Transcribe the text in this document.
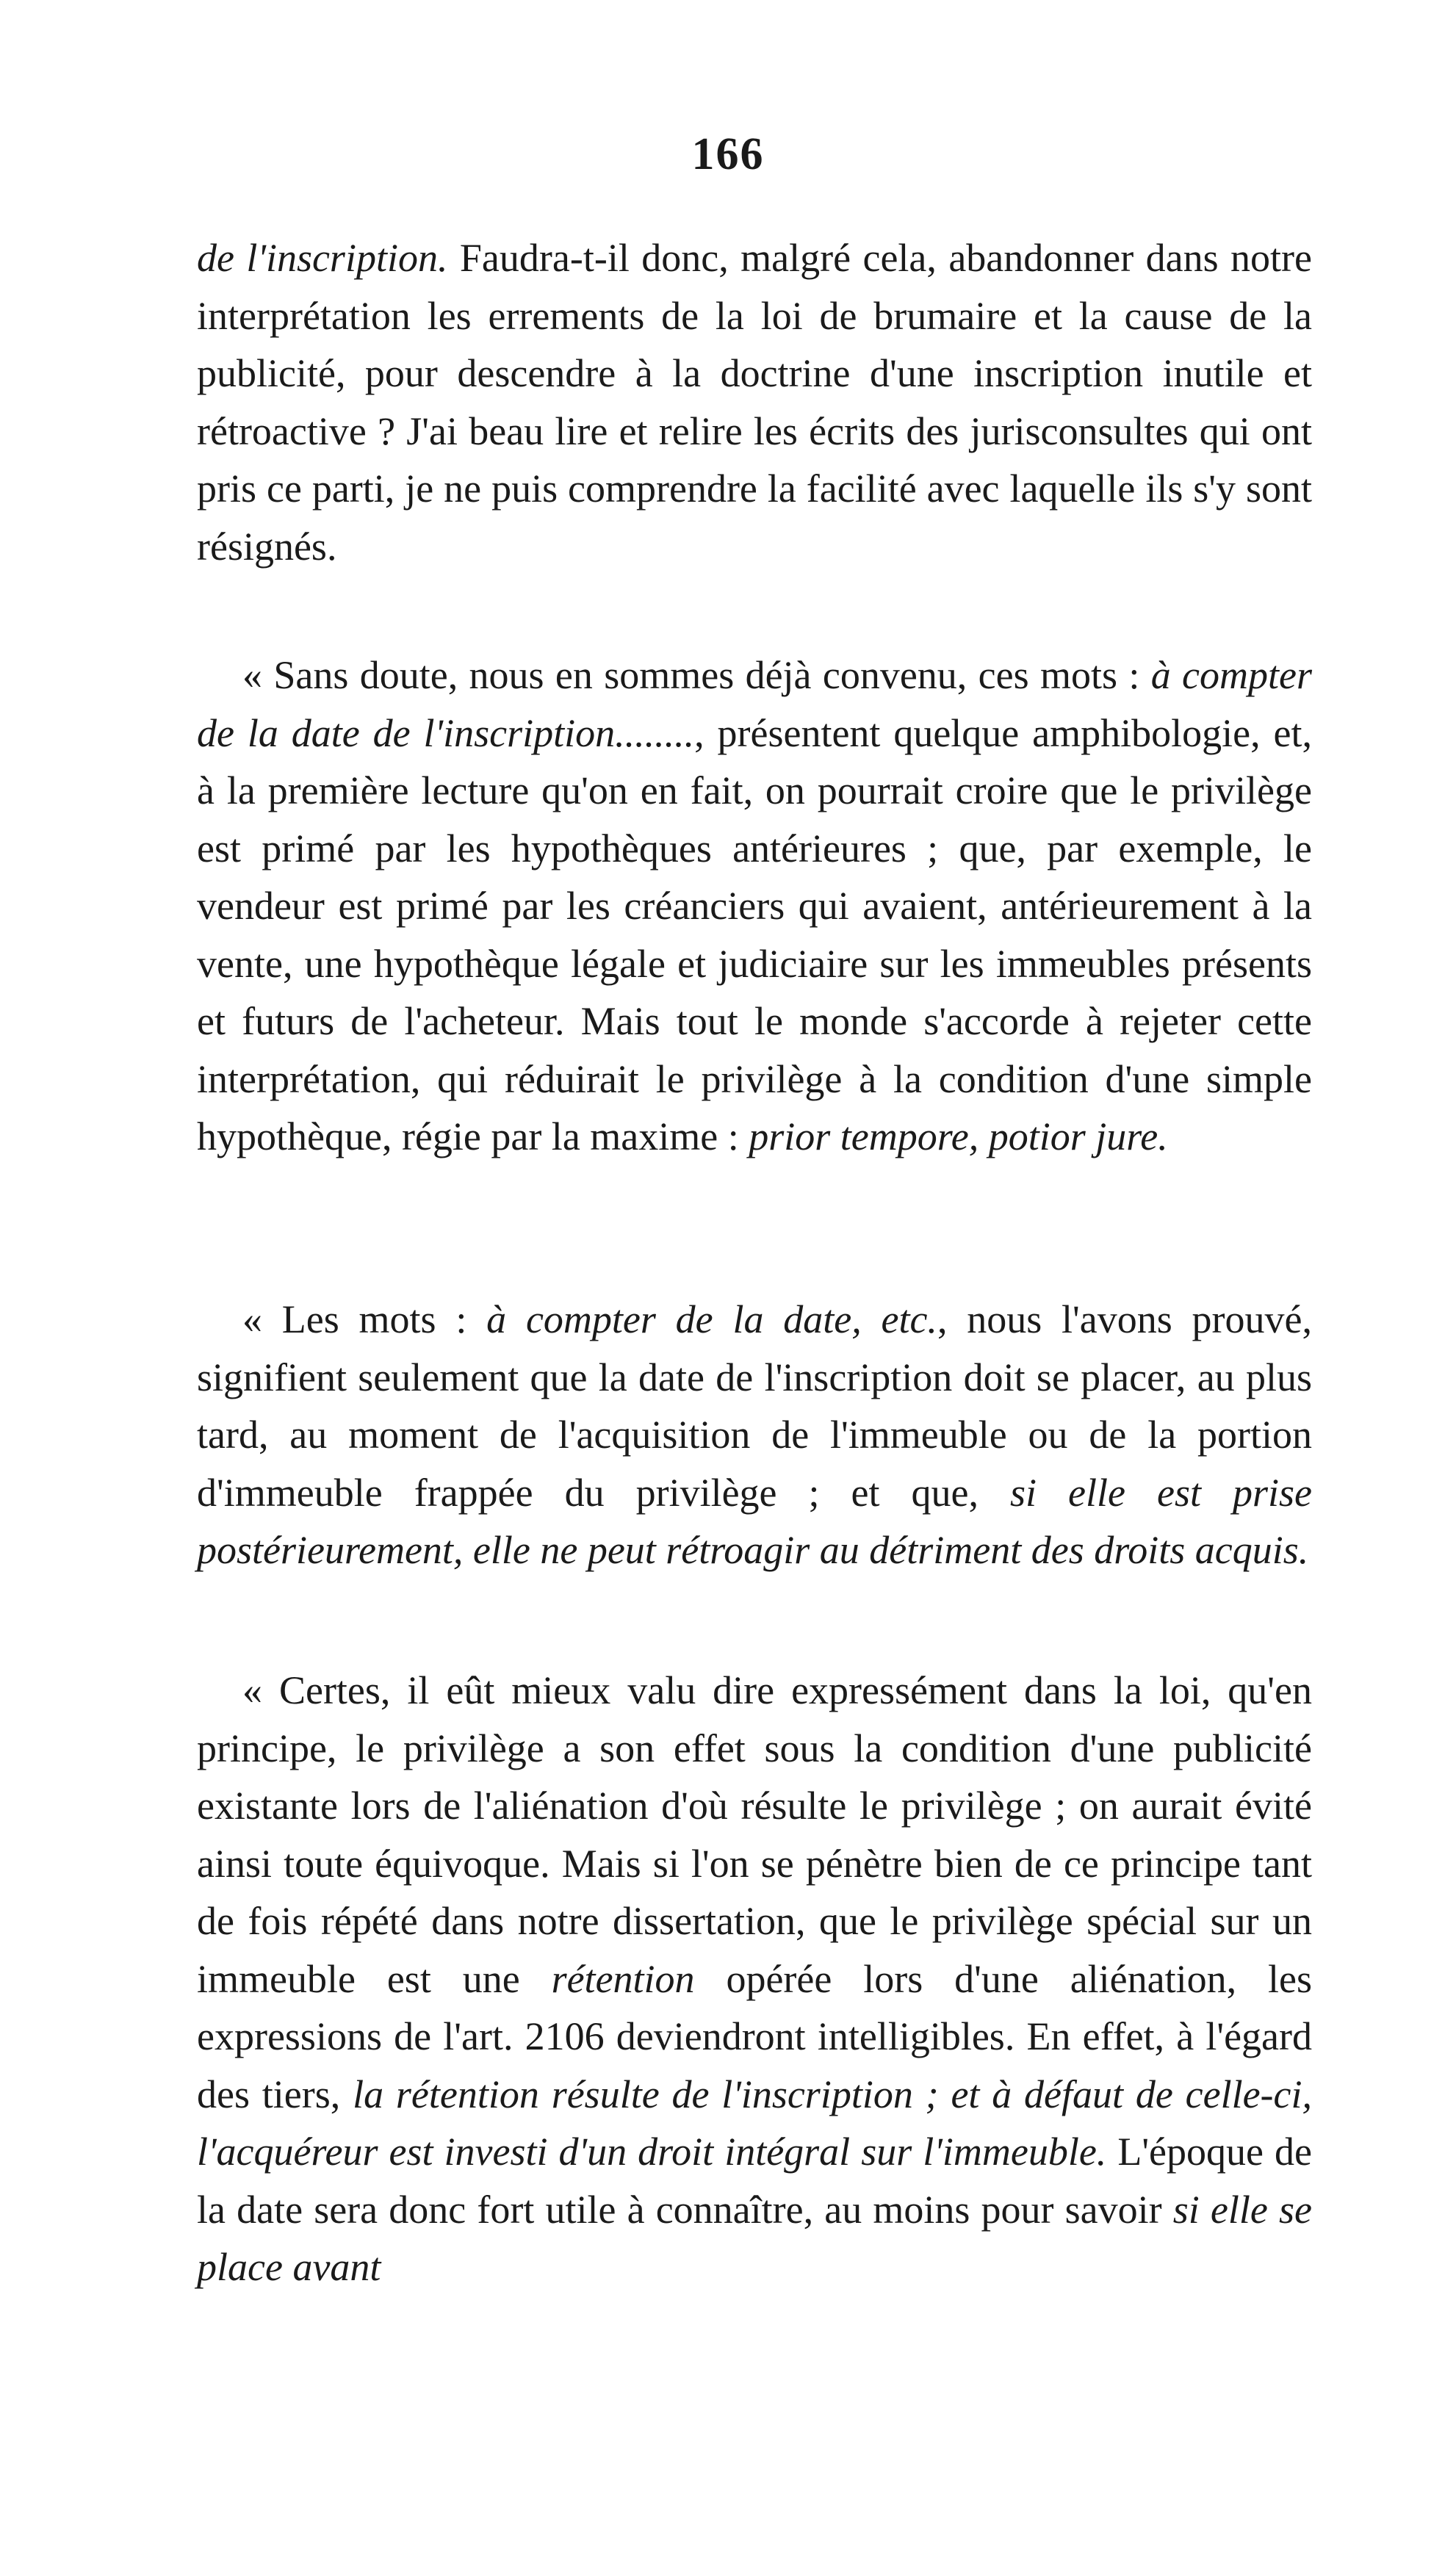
166

de l'inscription. Faudra-t-il donc, malgré cela, abandonner dans notre interprétation les errements de la loi de brumaire et la cause de la publicité, pour descendre à la doctrine d'une inscription inutile et rétroactive ? J'ai beau lire et relire les écrits des jurisconsultes qui ont pris ce parti, je ne puis comprendre la facilité avec laquelle ils s'y sont résignés.

« Sans doute, nous en sommes déjà convenu, ces mots : à compter de la date de l'inscription........, présentent quelque amphibologie, et, à la première lecture qu'on en fait, on pourrait croire que le privilège est primé par les hypothèques antérieures ; que, par exemple, le vendeur est primé par les créanciers qui avaient, antérieurement à la vente, une hypothèque légale et judiciaire sur les immeubles présents et futurs de l'acheteur. Mais tout le monde s'accorde à rejeter cette interprétation, qui réduirait le privilège à la condition d'une simple hypothèque, régie par la maxime : prior tempore, potior jure.

« Les mots : à compter de la date, etc., nous l'avons prouvé, signifient seulement que la date de l'inscription doit se placer, au plus tard, au moment de l'acquisition de l'immeuble ou de la portion d'immeuble frappée du privilège ; et que, si elle est prise postérieurement, elle ne peut rétroagir au détriment des droits acquis.

« Certes, il eût mieux valu dire expressément dans la loi, qu'en principe, le privilège a son effet sous la condition d'une publicité existante lors de l'aliénation d'où résulte le privilège ; on aurait évité ainsi toute équivoque. Mais si l'on se pénètre bien de ce principe tant de fois répété dans notre dissertation, que le privilège spécial sur un immeuble est une rétention opérée lors d'une aliénation, les expressions de l'art. 2106 deviendront intelligibles. En effet, à l'égard des tiers, la rétention résulte de l'inscription ; et à défaut de celle-ci, l'acquéreur est investi d'un droit intégral sur l'immeuble. L'époque de la date sera donc fort utile à connaître, au moins pour savoir si elle se place avant
